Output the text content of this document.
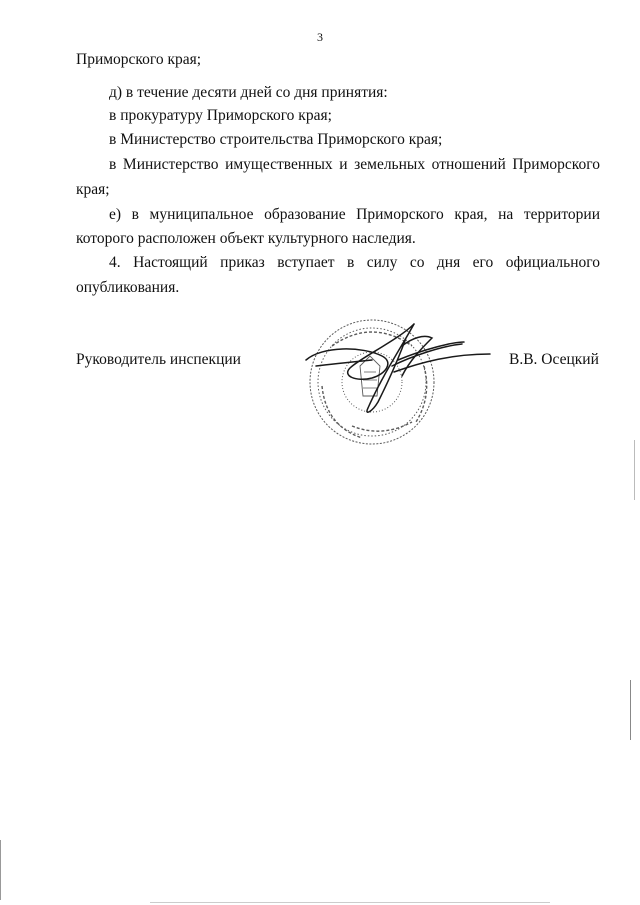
3
Приморского края;
д) в течение десяти дней со дня принятия:
в прокуратуру Приморского края;
в Министерство строительства Приморского края;
в Министерство имущественных и земельных отношений Приморского
края;
е) в муниципальное образование Приморского края, на территории
которого расположен объект культурного наследия.
4. Настоящий приказ вступает в силу со дня его официального
опубликования.
Руководитель инспекции	В.В. Осецкий
